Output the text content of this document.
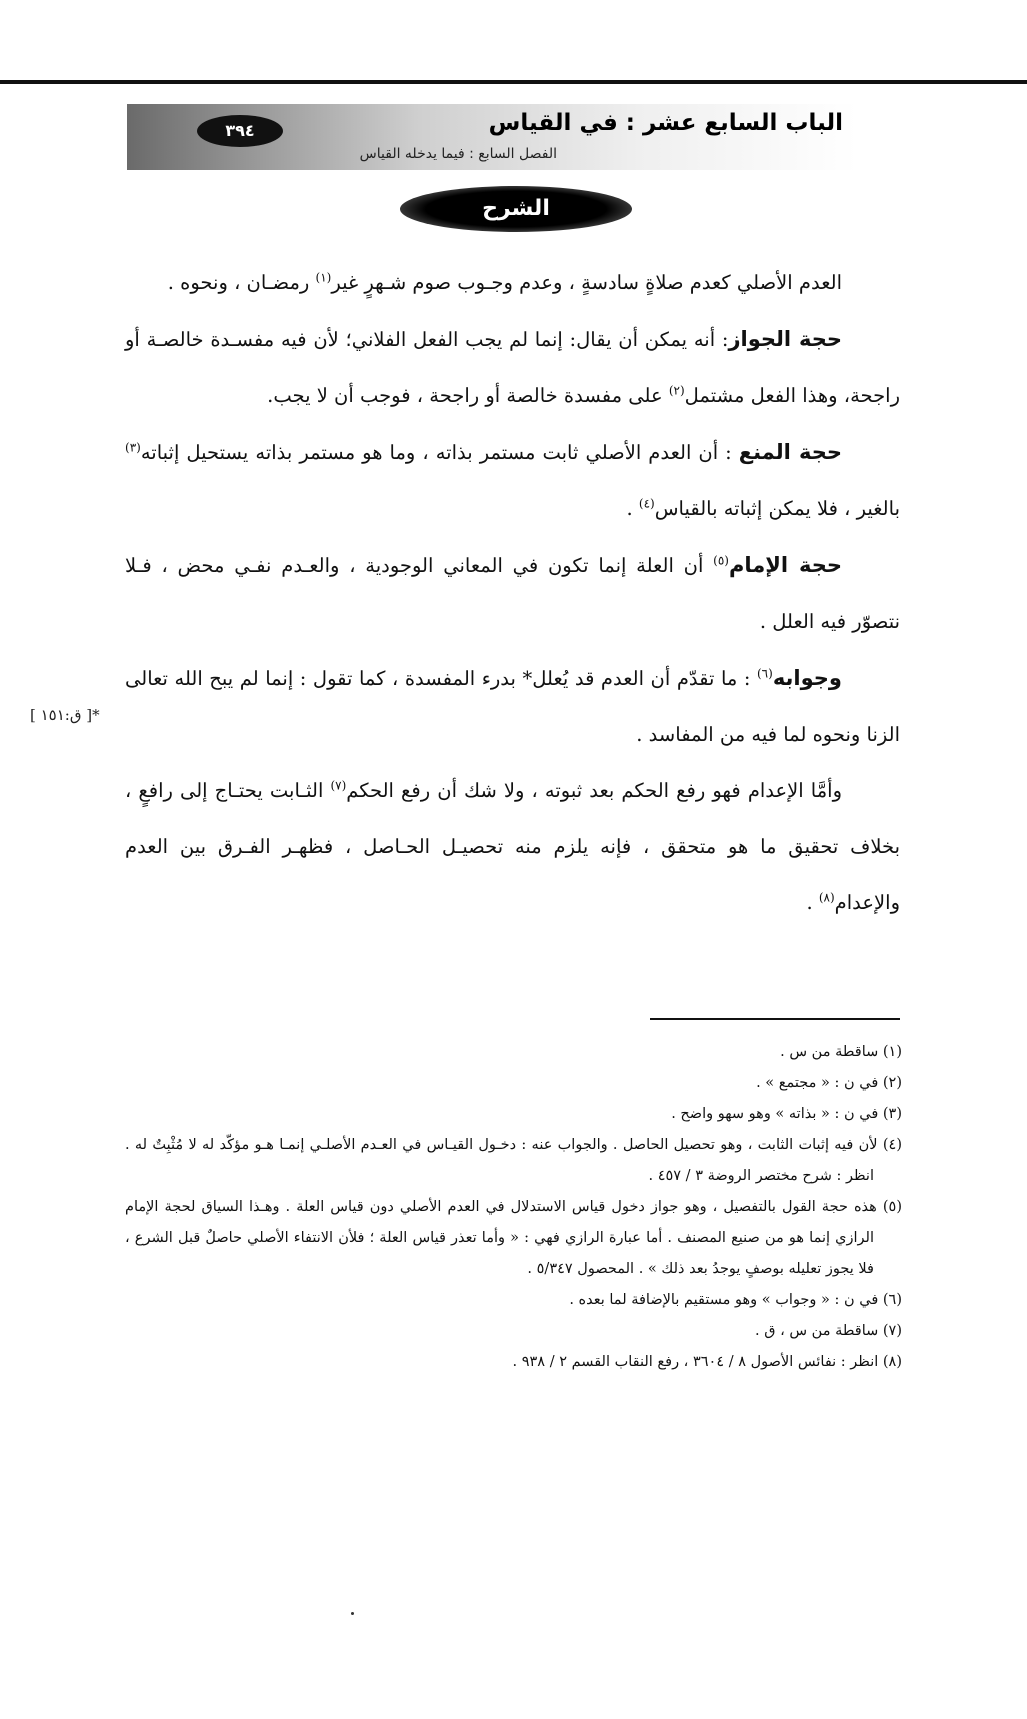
الباب السابع عشر : في القياس
الفصل السابع : فيما يدخله القياس
٣٩٤
الشرح

العدم الأصلي كعدم صلاةٍ سادسةٍ ، وعدم وجـوب صوم شـهرٍ غير$^{(١)}$ رمضـان ، ونحوه .

حجة الجواز: أنه يمكن أن يقال: إنما لم يجب الفعل الفلاني؛ لأن فيه مفسـدة خالصـة أو راجحة، وهذا الفعل مشتمل$^{(٢)}$ على مفسدة خالصة أو راجحة ، فوجب أن لا يجب.

حجة المنع : أن العدم الأصلي ثابت مستمر بذاته ، وما هو مستمر بذاته يستحيل إثباته$^{(٣)}$ بالغير ، فلا يمكن إثباته بالقياس$^{(٤)}$ .

حجة الإمام$^{(٥)}$ أن العلة إنما تكون في المعاني الوجودية ، والعـدم نفـي محض ، فـلا نتصوّر فيه العلل .

وجوابه$^{(٦)}$ : ما تقدّم أن العدم قد يُعلل* بدرء المفسدة ، كما تقول : إنما لم يبح الله تعالى الزنا ونحوه لما فيه من المفاسد .

وأمَّا الإعدام فهو رفع الحكم بعد ثبوته ، ولا شك أن رفع الحكم$^{(٧)}$ الثـابت يحتـاج إلى رافعٍ ، بخلاف تحقيق ما هو متحقق ، فإنه يلزم منه تحصيـل الحـاصل ، فظهـر الفـرق بين العدم والإعدام$^{(٨)}$ .

*[ ق:١٥١ ]

(١) ساقطة من س .

(٢) في ن : « مجتمع » .

(٣) في ن : « بذاته » وهو سهو واضح .

(٤) لأن فيه إثبات الثابت ، وهو تحصيل الحاصل . والجواب عنه : دخـول القيـاس في العـدم الأصلـي إنمـا هـو مؤكّد له لا مُثْبِتٌ له . انظر : شرح مختصر الروضة ٣ / ٤٥٧ .

(٥) هذه حجة القول بالتفصيل ، وهو جواز دخول قياس الاستدلال في العدم الأصلي دون قياس العلة . وهـذا السياق لحجة الإمام الرازي إنما هو من صنيع المصنف . أما عبارة الرازي فهي : « وأما تعذر قياس العلة ؛ فلأن الانتفاء الأصلي حاصلٌ قبل الشرع ، فلا يجوز تعليله بوصفٍ يوجدُ بعد ذلك » . المحصول ٥/٣٤٧ .

(٦) في ن : « وجواب » وهو مستقيم بالإضافة لما بعده .

(٧) ساقطة من س ، ق .

(٨) انظر : نفائس الأصول ٨ / ٣٦٠٤ ، رفع النقاب القسم ٢ / ٩٣٨ .
